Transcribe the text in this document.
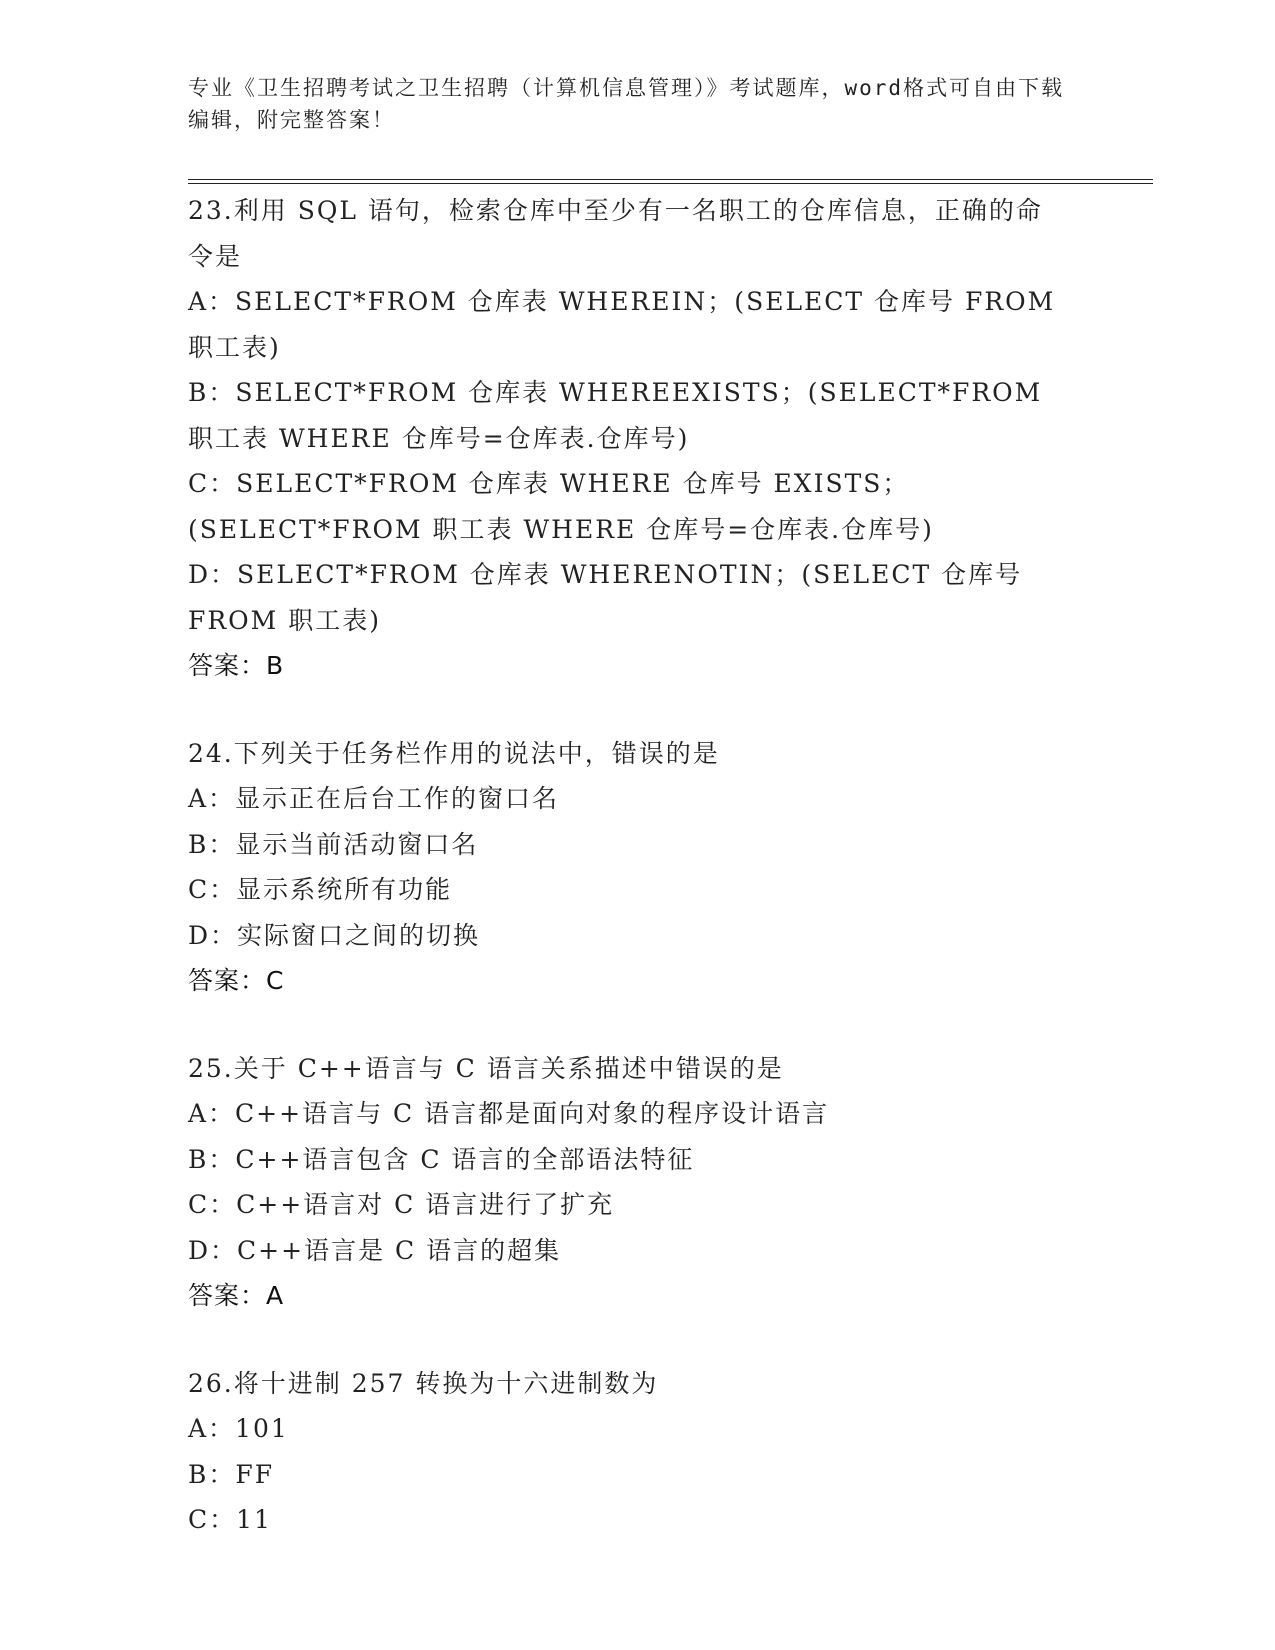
专业《卫生招聘考试之卫生招聘（计算机信息管理）》考试题库，word格式可自由下载编辑，附完整答案！
23.利用 SQL 语句，检索仓库中至少有一名职工的仓库信息，正确的命令是
A：SELECT*FROM 仓库表 WHEREIN；(SELECT 仓库号 FROM 职工表)
B：SELECT*FROM 仓库表 WHEREEXISTS；(SELECT*FROM 职工表 WHERE 仓库号=仓库表.仓库号)
C：SELECT*FROM 仓库表 WHERE 仓库号 EXISTS；(SELECT*FROM 职工表 WHERE 仓库号=仓库表.仓库号)
D：SELECT*FROM 仓库表 WHERENOTIN；(SELECT 仓库号 FROM 职工表)
答案：B
24.下列关于任务栏作用的说法中，错误的是
A：显示正在后台工作的窗口名
B：显示当前活动窗口名
C：显示系统所有功能
D：实际窗口之间的切换
答案：C
25.关于 C++语言与 C 语言关系描述中错误的是
A：C++语言与 C 语言都是面向对象的程序设计语言
B：C++语言包含 C 语言的全部语法特征
C：C++语言对 C 语言进行了扩充
D：C++语言是 C 语言的超集
答案：A
26.将十进制 257 转换为十六进制数为
A：101
B：FF
C：11
